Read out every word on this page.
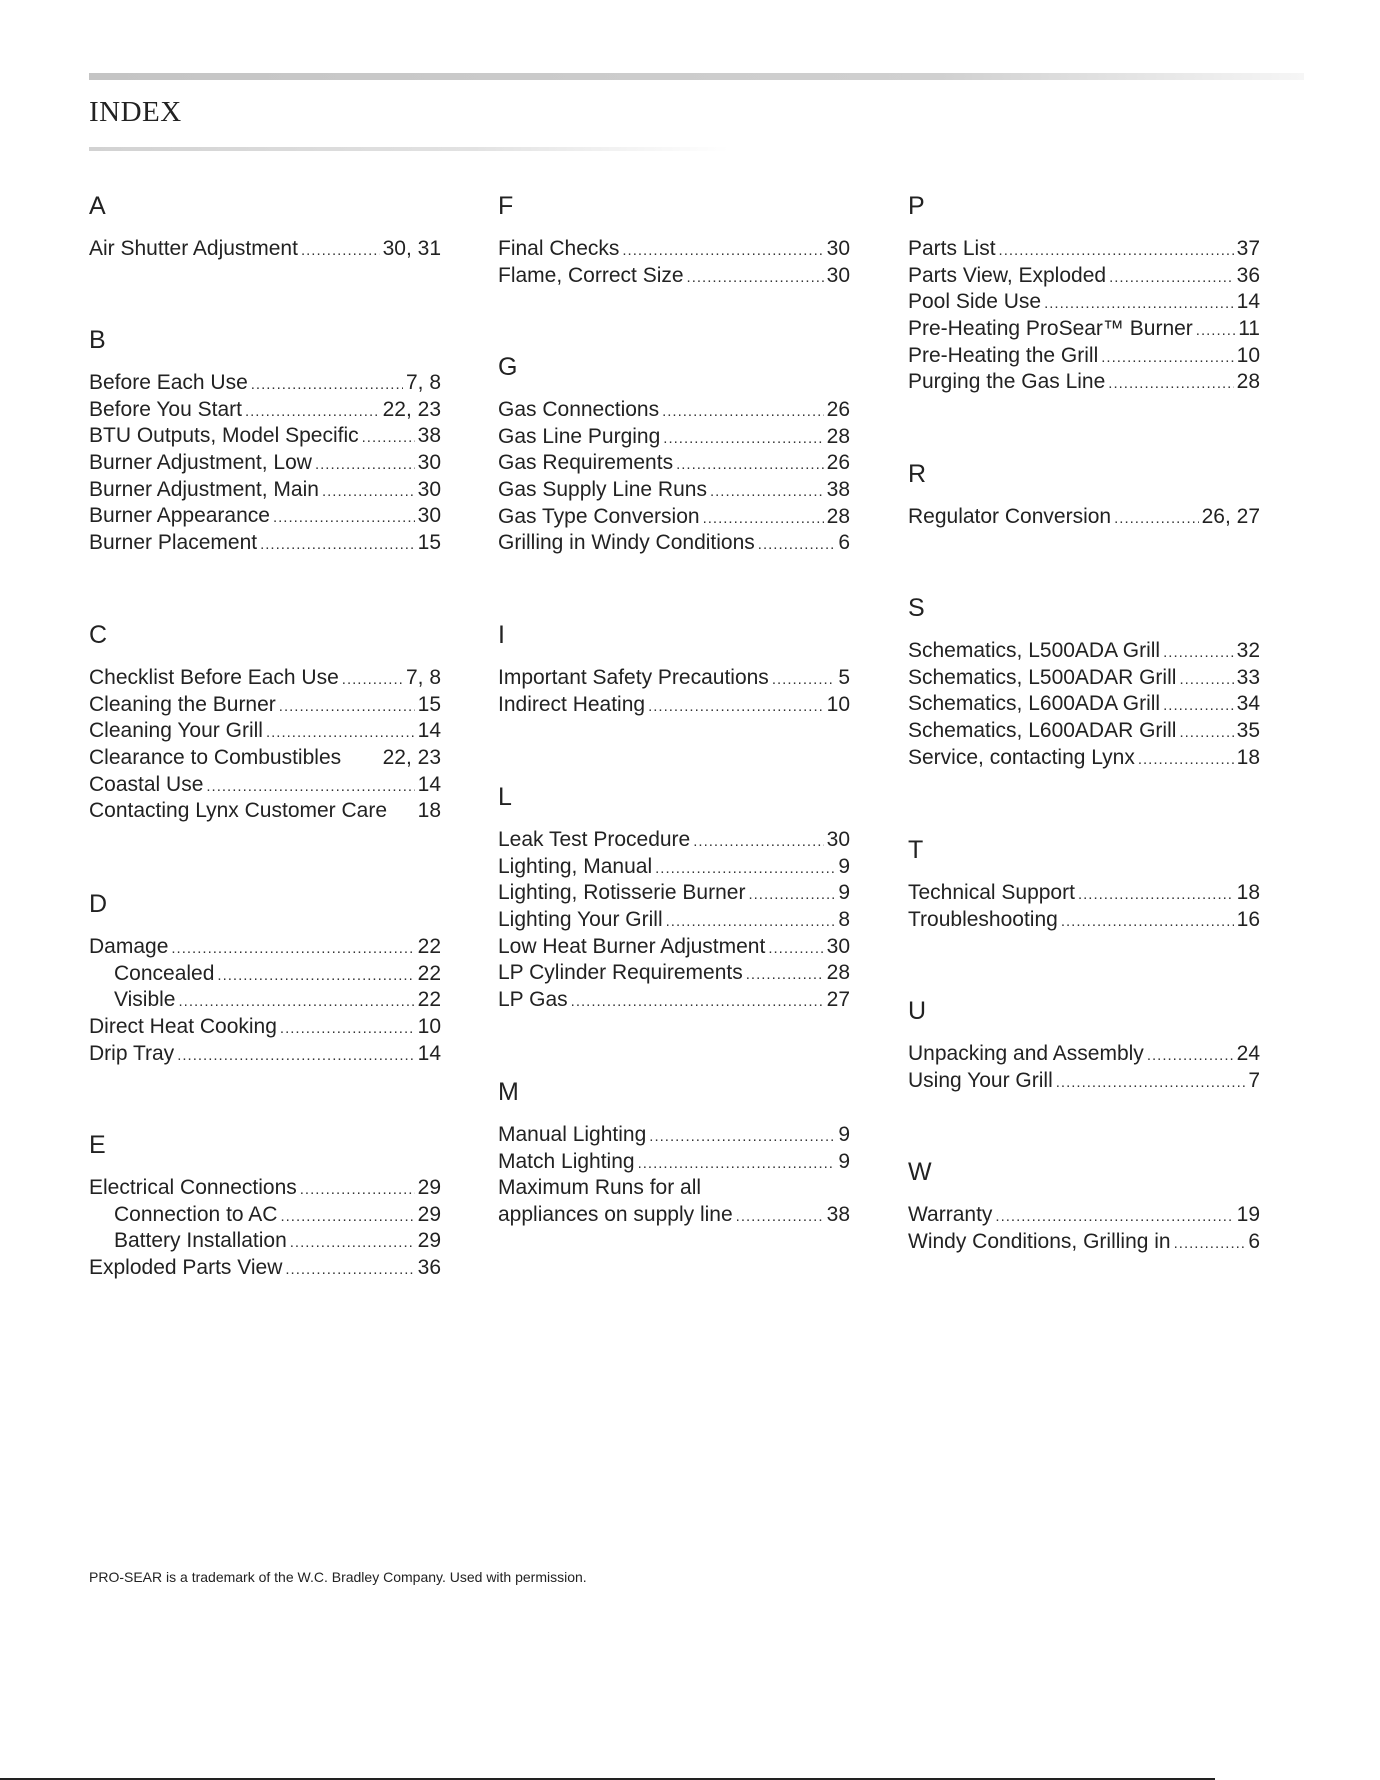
INDEX
A
Air Shutter Adjustment .....	30, 31
B
Before Each Use .....	7, 8
Before You Start .....	22, 23
BTU Outputs, Model Specific .....	38
Burner Adjustment, Low .....	30
Burner Adjustment, Main .....	30
Burner Appearance .....	30
Burner Placement .....	15
C
Checklist Before Each Use .....	7, 8
Cleaning the Burner .....	15
Cleaning Your Grill .....	14
Clearance to Combustibles 22, 23
Coastal Use .....	14
Contacting Lynx Customer Care 18
D
Damage .....	22
Concealed .....	22
Visible .....	22
Direct Heat Cooking .....	10
Drip Tray .....	14
E
Electrical Connections .....	29
Connection to AC .....	29
Battery Installation .....	29
Exploded Parts View .....	36
F
Final Checks .....	30
Flame, Correct Size .....	30
G
Gas Connections .....	26
Gas Line Purging .....	28
Gas Requirements .....	26
Gas Supply Line Runs .....	38
Gas Type Conversion .....	28
Grilling in Windy Conditions .....	6
I
Important Safety Precautions .....	5
Indirect Heating .....	10
L
Leak Test Procedure .....	30
Lighting, Manual .....	9
Lighting, Rotisserie Burner .....	9
Lighting Your Grill .....	8
Low Heat Burner Adjustment .....	30
LP Cylinder Requirements .....	28
LP Gas .....	27
M
Manual Lighting .....	9
Match Lighting .....	9
Maximum Runs for all
appliances on supply line .....	38
P
Parts List .....	37
Parts View, Exploded .....	36
Pool Side Use .....	14
Pre-Heating ProSear™ Burner ..... 11
Pre-Heating the Grill .....	10
Purging the Gas Line .....	28
R
Regulator Conversion .....	26, 27
S
Schematics, L500ADA Grill .....	32
Schematics, L500ADAR Grill .....	33
Schematics, L600ADA Grill .....	34
Schematics, L600ADAR Grill .....	35
Service, contacting Lynx .....	18
T
Technical Support .....	18
Troubleshooting .....	16
U
Unpacking and Assembly .....	24
Using Your Grill .....	7
W
Warranty .....	19
Windy Conditions, Grilling in .....	6

PRO-SEAR is a trademark of the W.C. Bradley Company. Used with permission.
